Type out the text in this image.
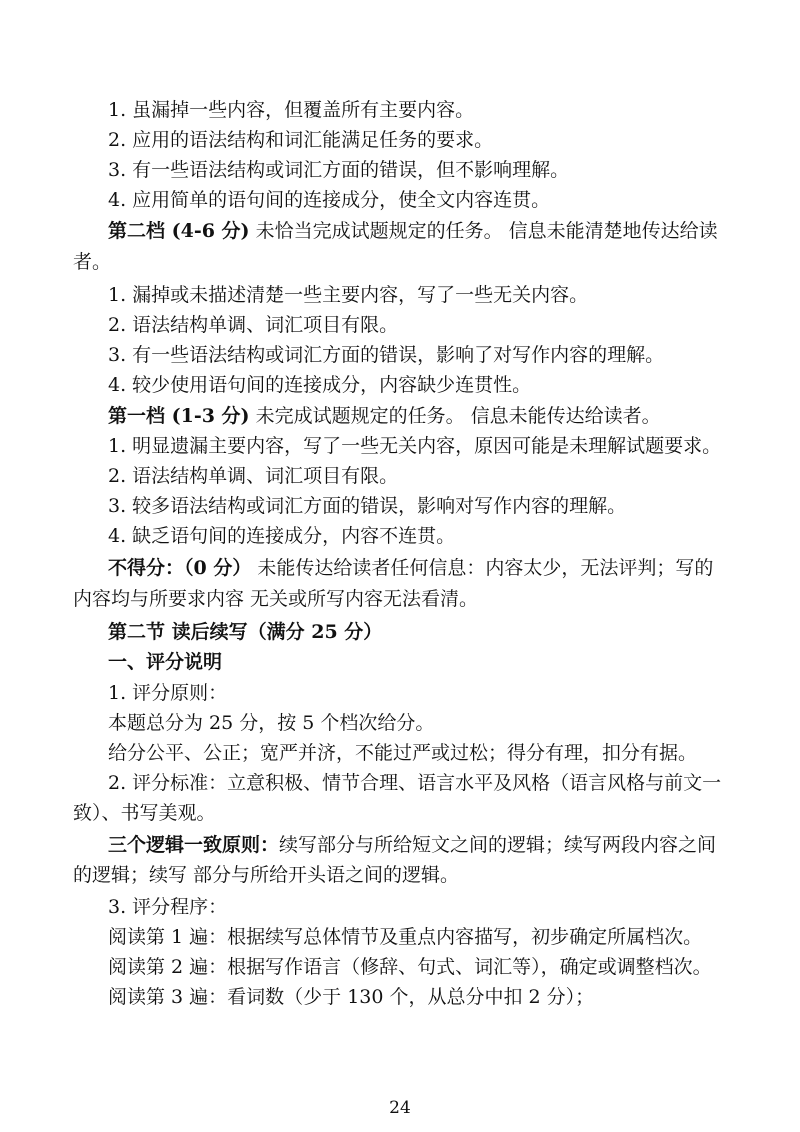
1. 虽漏掉一些内容，但覆盖所有主要内容。
2. 应用的语法结构和词汇能满足任务的要求。
3. 有一些语法结构或词汇方面的错误，但不影响理解。
4. 应用简单的语句间的连接成分，使全文内容连贯。
第二档 (4-6 分) 未恰当完成试题规定的任务。 信息未能清楚地传达给读
者。
1. 漏掉或未描述清楚一些主要内容，写了一些无关内容。
2. 语法结构单调、词汇项目有限。
3. 有一些语法结构或词汇方面的错误，影响了对写作内容的理解。
4. 较少使用语句间的连接成分，内容缺少连贯性。
第一档 (1-3 分) 未完成试题规定的任务。 信息未能传达给读者。
1. 明显遗漏主要内容，写了一些无关内容，原因可能是未理解试题要求。
2. 语法结构单调、词汇项目有限。
3. 较多语法结构或词汇方面的错误，影响对写作内容的理解。
4. 缺乏语句间的连接成分，内容不连贯。
不得分：（0 分） 未能传达给读者任何信息：内容太少，无法评判；写的
内容均与所要求内容 无关或所写内容无法看清。
第二节 读后续写（满分 25 分）
一、评分说明
1. 评分原则：
本题总分为 25 分，按 5 个档次给分。
给分公平、公正；宽严并济，不能过严或过松；得分有理，扣分有据。
2. 评分标准：立意积极、情节合理、语言水平及风格（语言风格与前文一
致）、书写美观。
三个逻辑一致原则：续写部分与所给短文之间的逻辑；续写两段内容之间
的逻辑；续写 部分与所给开头语之间的逻辑。
3. 评分程序：
阅读第 1 遍：根据续写总体情节及重点内容描写，初步确定所属档次。
阅读第 2 遍：根据写作语言（修辞、句式、词汇等），确定或调整档次。
阅读第 3 遍：看词数（少于 130 个，从总分中扣 2 分）；
24
